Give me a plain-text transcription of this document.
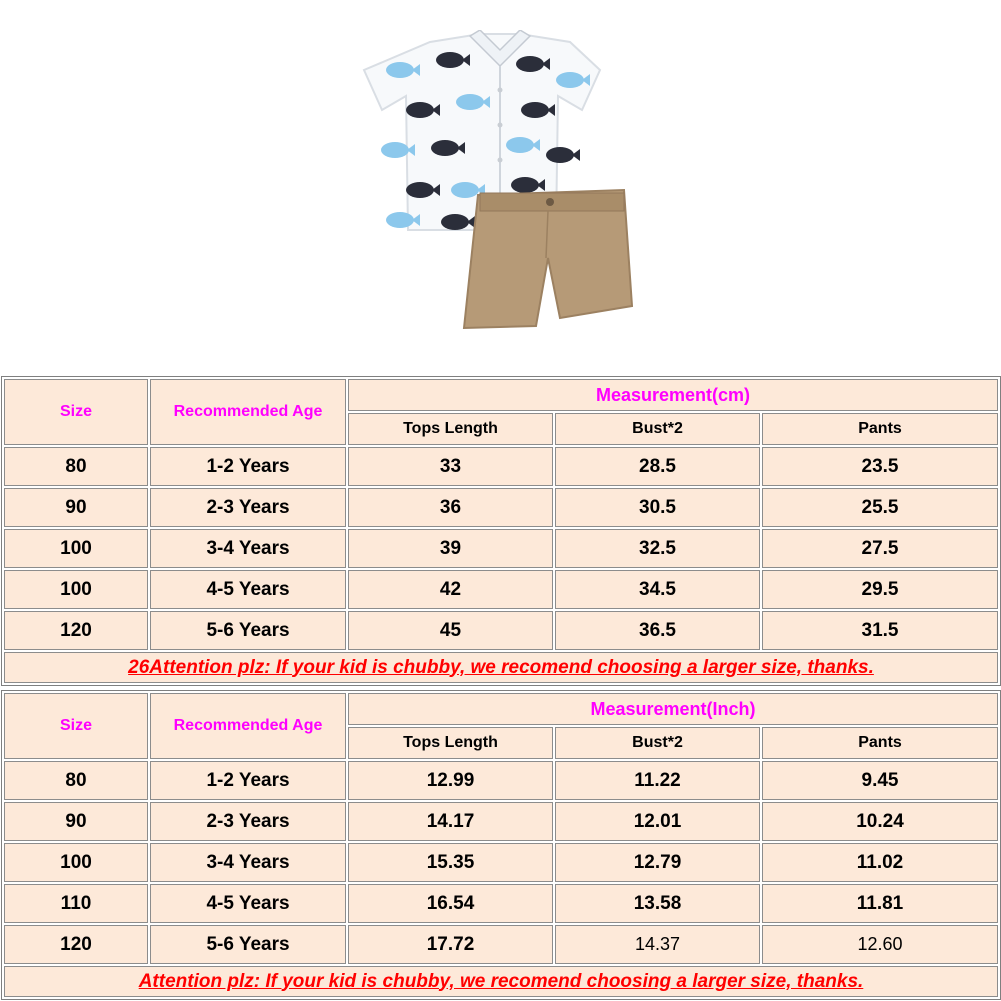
Size	Recommended Age	Measurement(cm)		
		Tops Length	Bust*2	Pants
80	1-2 Years	33	28.5	23.5
90	2-3 Years	36	30.5	25.5
100	3-4 Years	39	32.5	27.5
100	4-5 Years	42	34.5	29.5
120	5-6 Years	45	36.5	31.5
26Attention plz: If your kid is chubby, we recomend choosing a larger size, thanks.				
Size	Recommended Age	Measurement(Inch)		
		Tops Length	Bust*2	Pants
80	1-2 Years	12.99	11.22	9.45
90	2-3 Years	14.17	12.01	10.24
100	3-4 Years	15.35	12.79	11.02
110	4-5 Years	16.54	13.58	11.81
120	5-6 Years	17.72	14.37	12.60
Attention plz: If your kid is chubby, we recomend choosing a larger size, thanks.				
